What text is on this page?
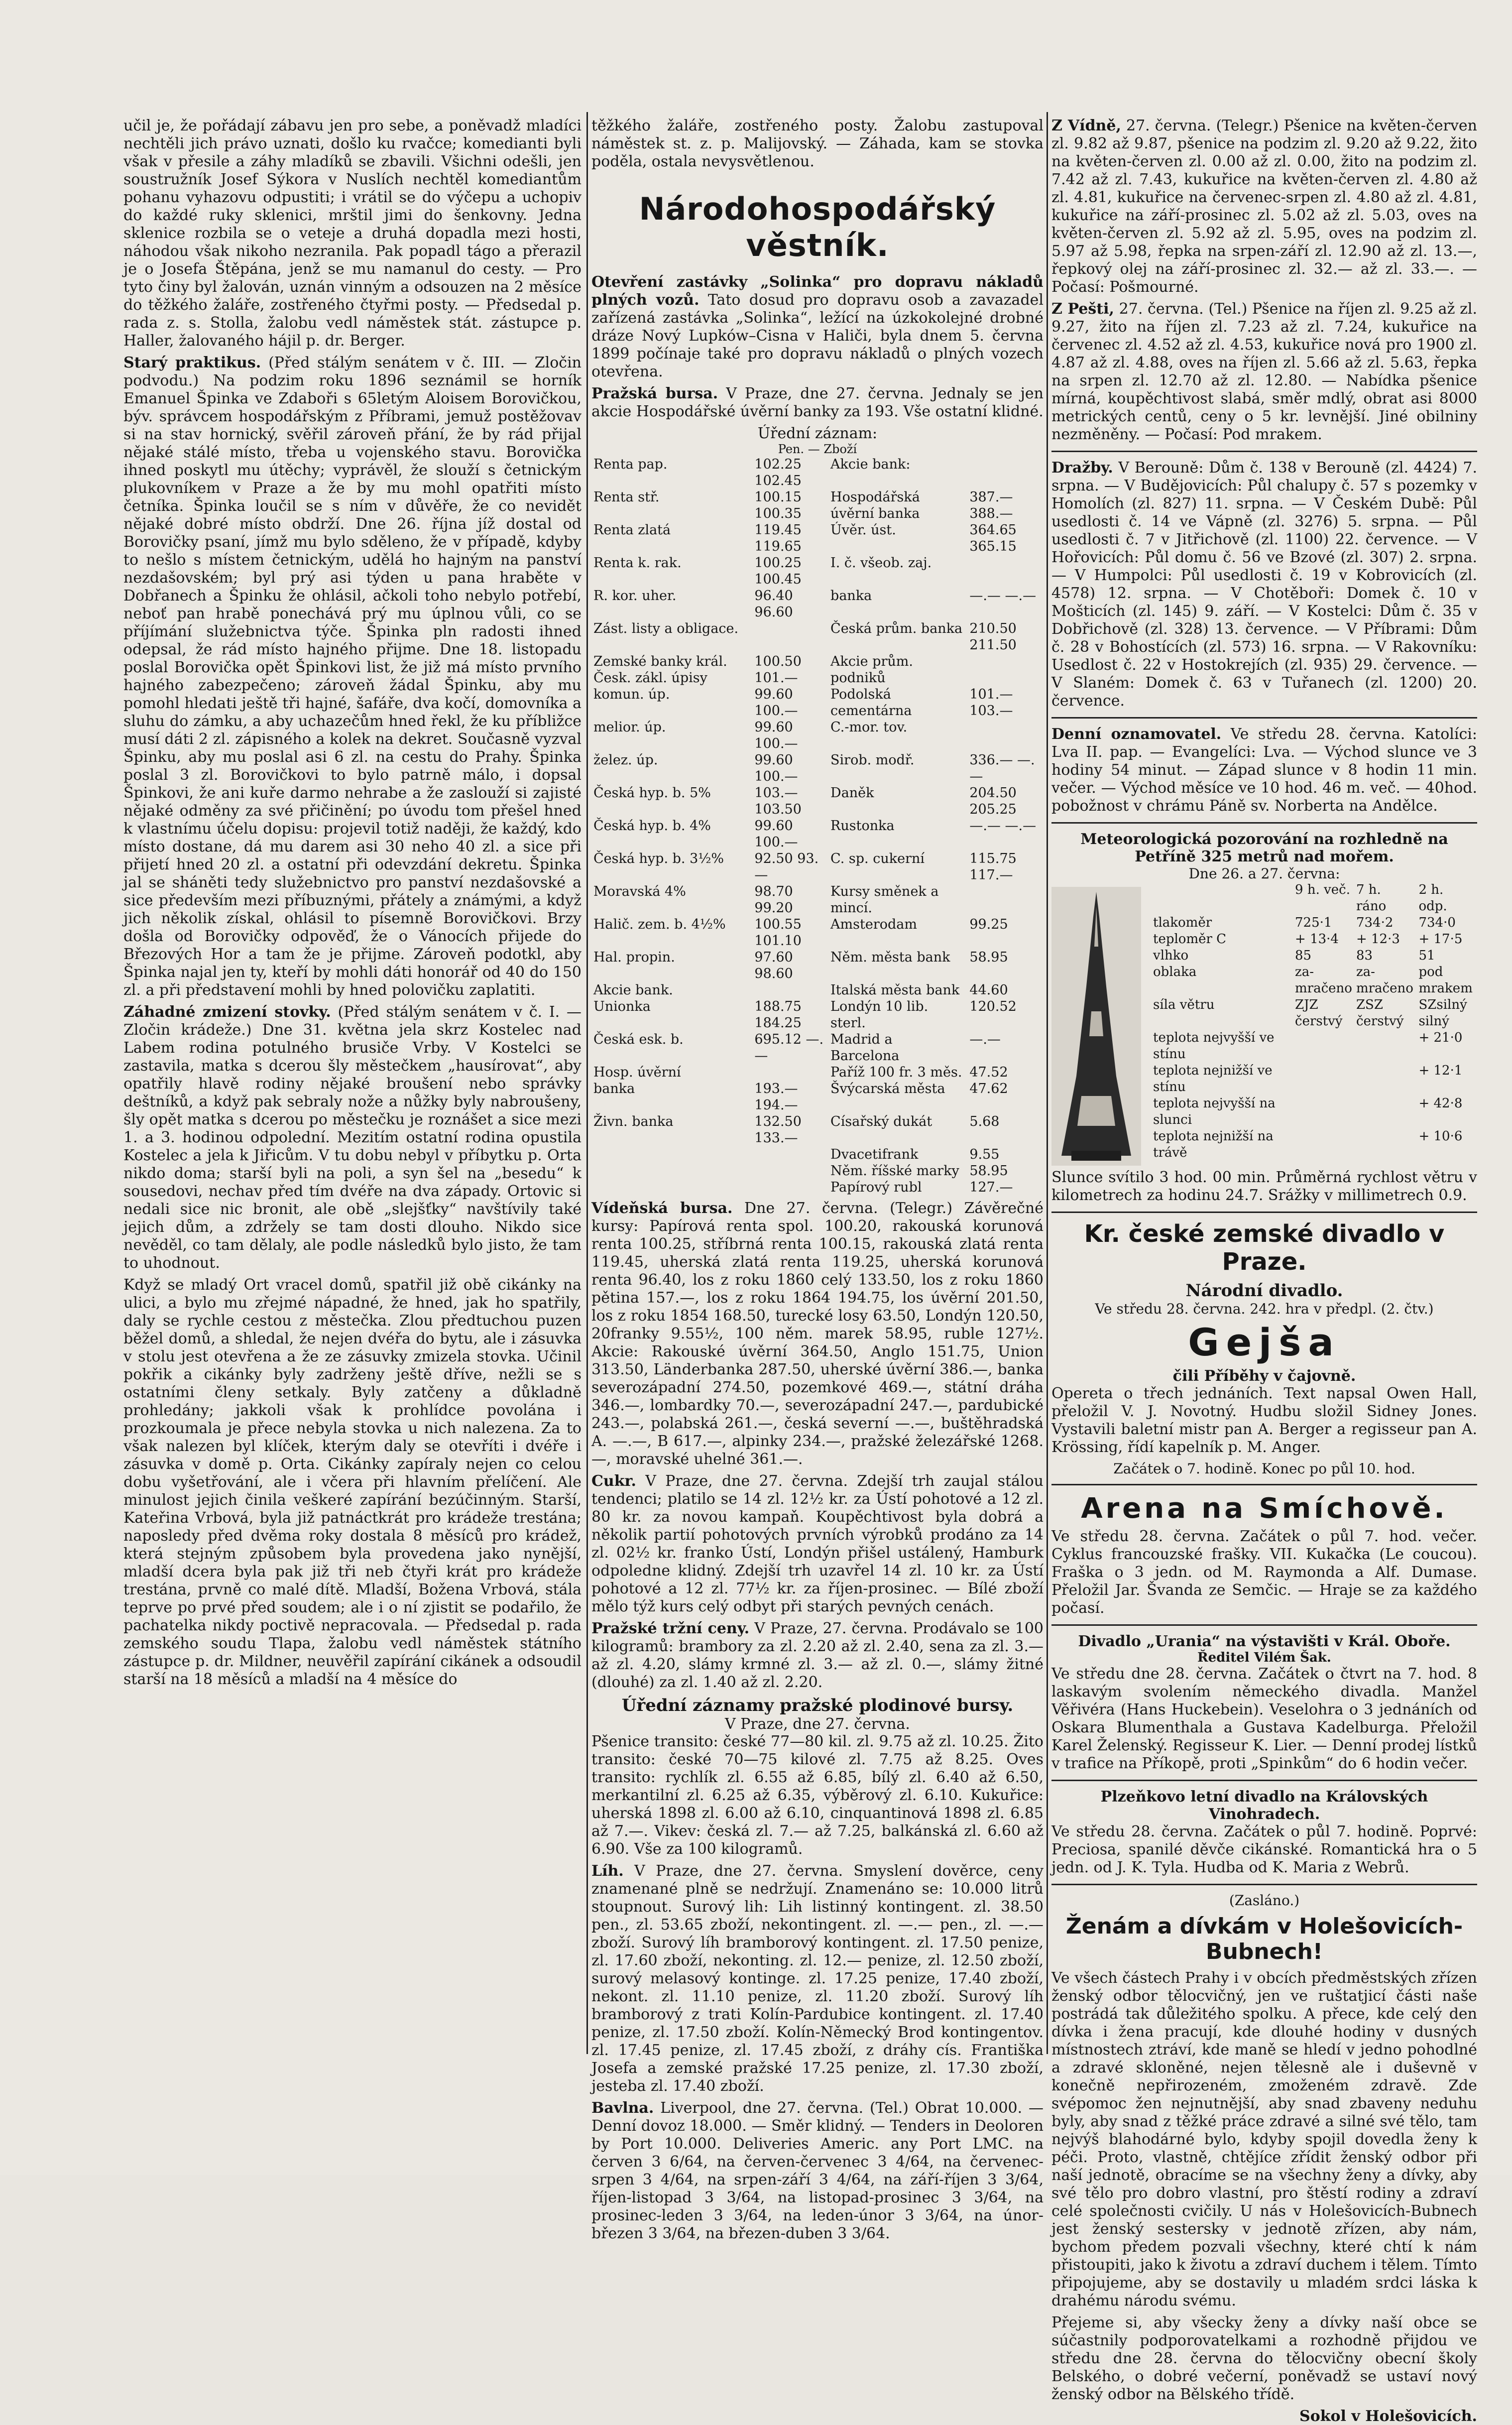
učil je, že pořádají zábavu jen pro sebe, a poněvadž mladíci nechtěli jich právo uznati, došlo ku rvačce; komedianti byli však v přesile a záhy mladíků se zbavili. Všichni odešli, jen soustružník Josef Sýkora v Nuslích nechtěl komediantům pohanu vyhazovu odpustiti; i vrátil se do výčepu a uchopiv do každé ruky sklenici, mrštil jimi do šenkovny. Jedna sklenice rozbila se o veteje a druhá dopadla mezi hosti, náhodou však nikoho nezranila. Pak popadl tágo a přerazil je o Josefa Štěpána, jenž se mu namanul do cesty. — Pro tyto činy byl žalován, uznán vinným a odsouzen na 2 měsíce do těžkého žaláře, zostřeného čtyřmi posty. — Předsedal p. rada z. s. Stolla, žalobu vedl náměstek stát. zástupce p. Haller, žalovaného hájil p. dr. Berger.

Starý praktikus. (Před stálým senátem v č. III. — Zločin podvodu.) Na podzim roku 1896 seznámil se horník Emanuel Špinka ve Zdaboři s 65letým Aloisem Borovičkou, býv. správcem hospodářským z Příbrami, jemuž postěžovav si na stav hornický, svěřil zároveň přání, že by rád přijal nějaké stálé místo, třeba u vojenského stavu. Borovička ihned poskytl mu útěchy; vyprávěl, že slouží s četnickým plukovníkem v Praze a že by mu mohl opatřiti místo četníka. Špinka loučil se s ním v důvěře, že co nevidět nějaké dobré místo obdrží. Dne 26. října jíž dostal od Borovičky psaní, jímž mu bylo sděleno, že v případě, kdyby to nešlo s místem četnickým, udělá ho hajným na panství nezdašovském; byl prý asi týden u pana hraběte v Dobřanech a Špinku že ohlásil, ačkoli toho nebylo potřebí, neboť pan hrabě ponechává prý mu úplnou vůli, co se příjímání služebnictva týče. Špinka pln radosti ihned odepsal, že rád místo hajného přijme. Dne 18. listopadu poslal Borovička opět Špinkovi list, že již má místo prvního hajného zabezpečeno; zároveň žádal Špinku, aby mu pomohl hledati ještě tři hajné, šafáře, dva kočí, domovníka a sluhu do zámku, a aby uchazečům hned řekl, že ku příbližce musí dáti 2 zl. zápisného a kolek na dekret. Současně vyzval Špinku, aby mu poslal asi 6 zl. na cestu do Prahy. Špinka poslal 3 zl. Borovičkovi to bylo patrně málo, i dopsal Špinkovi, že ani kuře darmo nehrabe a že zaslouží si zajisté nějaké odměny za své přičinění; po úvodu tom přešel hned k vlastnímu účelu dopisu: projevil totiž naději, že každý, kdo místo dostane, dá mu darem asi 30 neho 40 zl. a sice při přijetí hned 20 zl. a ostatní při odevzdání dekretu. Špinka jal se sháněti tedy služebnictvo pro panství nezdašovské a sice především mezi příbuznými, přátely a známými, a když jich několik získal, ohlásil to písemně Borovičkovi. Brzy došla od Borovičky odpověď, že o Vánocích přijede do Březových Hor a tam že je přijme. Zároveň podotkl, aby Špinka najal jen ty, kteří by mohli dáti honorář od 40 do 150 zl. a při představení mohli by hned polovičku zaplatiti.

Záhadné zmizení stovky. (Před stálým senátem v č. I. — Zločin krádeže.) Dne 31. května jela skrz Kostelec nad Labem rodina potulného brusiče Vrby. V Kostelci se zastavila, matka s dcerou šly městečkem „hausírovat“, aby opatřily hlavě rodiny nějaké broušení nebo správky deštníků, a když pak sebraly nože a nůžky byly nabroušeny, šly opět matka s dcerou po městečku je roznášet a sice mezi 1. a 3. hodinou odpolední. Mezitím ostatní rodina opustila Kostelec a jela k Jiřicům. V tu dobu nebyl v příbytku p. Orta nikdo doma; starší byli na poli, a syn šel na „besedu“ k sousedovi, nechav před tím dvéře na dva západy. Ortovic si nedali sice nic bronit, ale obě „slejšťky“ navštívily také jejich dům, a zdržely se tam dosti dlouho. Nikdo sice nevěděl, co tam dělaly, ale podle následků bylo jisto, že tam to uhodnout.

Když se mladý Ort vracel domů, spatřil již obě cikánky na ulici, a bylo mu zřejmé nápadné, že hned, jak ho spatřily, daly se rychle cestou z městečka. Zlou předtuchou puzen běžel domů, a shledal, že nejen dvéřa do bytu, ale i zásuvka v stolu jest otevřena a že ze zásuvky zmizela stovka. Učinil pokřik a cikánky byly zadrženy ještě dříve, nežli se s ostatními členy setkaly. Byly zatčeny a důkladně prohledány; jakkoli však k prohlídce povolána i prozkoumala je přece nebyla stovka u nich nalezena. Za to však nalezen byl klíček, kterým daly se otevříti i dvéře i zásuvka v domě p. Orta. Cikánky zapíraly nejen co celou dobu vyšetřování, ale i včera při hlavním přelíčení. Ale minulost jejich činila veškeré zapírání bezúčinným. Starší, Kateřina Vrbová, byla již patnáctkrát pro krádeže trestána; naposledy před dvěma roky dostala 8 měsíců pro krádež, která stejným způsobem byla provedena jako nynější, mladší dcera byla pak již tři neb čtyři krát pro krádeže trestána, prvně co malé dítě. Mladší, Božena Vrbová, stála teprve po prvé před soudem; ale i o ní zjistit se podařilo, že pachatelka nikdy poctivě nepracovala. — Předsedal p. rada zemského soudu Tlapa, žalobu vedl náměstek státního zástupce p. dr. Mildner, neuvěřil zapírání cikánek a odsoudil starší na 18 měsíců a mladší na 4 měsíce do

těžkého žaláře, zostřeného posty. Žalobu zastupoval náměstek st. z. p. Malijovský. — Záhada, kam se stovka poděla, ostala nevysvětlenou.

Národohospodářský věstník.

Otevření zastávky „Solinka“ pro dopravu nákladů plných vozů. Tato dosud pro dopravu osob a zavazadel zařízená zastávka „Solinka“, ležící na úzkokolejné drobné dráze Nový Lupków–Cisna v Haliči, byla dnem 5. června 1899 počínaje také pro dopravu nákladů o plných vozech otevřena.

Pražská bursa. V Praze, dne 27. června. Jednaly se jen akcie Hospodářské úvěrní banky za 193. Vše ostatní klidné.

Úřední záznam:
Pen. — Zboží
Renta pap.	102.25 102.45	Akcie bank:	
Renta stř.	100.15 100.35	Hospodářská úvěrní banka	387.— 388.—
Renta zlatá	119.45 119.65	Úvěr. úst.	364.65 365.15
Renta k. rak.	100.25 100.45	I. č. všeob. zaj.	
R. kor. uher.	96.40 96.60	banka	—.— —.—
Zást. listy a obligace.		Česká prům. banka	210.50 211.50
Zemské banky král. Česk. zákl. úpisy	100.50 101.—	Akcie prům. podniků	
komun. úp.	99.60 100.—	Podolská cementárna	101.— 103.—
melior. úp.	99.60 100.—	C.-mor. tov.	
želez. úp.	99.60 100.—	Sirob. modř.	336.— —.—
Česká hyp. b. 5%	103.— 103.50	Daněk	204.50 205.25
Česká hyp. b. 4%	99.60 100.—	Rustonka	—.— —.—
Česká hyp. b. 3½%	92.50 93.—	C. sp. cukerní	115.75 117.—
Moravská 4%	98.70 99.20	Kursy směnek a mincí.	
Halič. zem. b. 4½%	100.55 101.10	Amsterodam	99.25
Hal. propin.	97.60 98.60	Něm. města bank	58.95
Akcie bank.		Italská města bank	44.60
Unionka	188.75 184.25	Londýn 10 lib. sterl.	120.52
Česká esk. b.	695.12 —.—	Madrid a Barcelona	—.—
Hosp. úvěrní		Paříž 100 fr. 3 měs.	47.52
banka	193.— 194.—	Švýcarská města	47.62
Živn. banka	132.50 133.—	Císařský dukát	5.68
		Dvacetifrank	9.55
		Něm. říšské marky	58.95
		Papírový rubl	127.—

Vídeňská bursa. Dne 27. června. (Telegr.) Závěrečné kursy: Papírová renta spol. 100.20, rakouská korunová renta 100.25, stříbrná renta 100.15, rakouská zlatá renta 119.45, uherská zlatá renta 119.25, uherská korunová renta 96.40, los z roku 1860 celý 133.50, los z roku 1860 pětina 157.—, los z roku 1864 194.75, los úvěrní 201.50, los z roku 1854 168.50, turecké losy 63.50, Londýn 120.50, 20franky 9.55½, 100 něm. marek 58.95, ruble 127½. Akcie: Rakouské úvěrní 364.50, Anglo 151.75, Union 313.50, Länderbanka 287.50, uherské úvěrní 386.—, banka severozápadní 274.50, pozemkové 469.—, státní dráha 346.—, lombardky 70.—, severozápadní 247.—, pardubické 243.—, polabská 261.—, česká severní —.—, buštěhradská A. —.—, B 617.—, alpinky 234.—, pražské železářské 1268.—, moravské uhelné 361.—.

Cukr. V Praze, dne 27. června. Zdejší trh zaujal stálou tendenci; platilo se 14 zl. 12½ kr. za Ústí pohotové a 12 zl. 80 kr. za novou kampaň. Koupěchtivost byla dobrá a několik partií pohotových prvních výrobků prodáno za 14 zl. 02½ kr. franko Ústí, Londýn přišel ustálený, Hamburk odpoledne klidný. Zdejší trh uzavřel 14 zl. 10 kr. za Ústí pohotové a 12 zl. 77½ kr. za říjen-prosinec. — Bílé zboží mělo týž kurs celý odbyt při starých pevných cenách.

Pražské tržní ceny. V Praze, 27. června. Prodávalo se 100 kilogramů: brambory za zl. 2.20 až zl. 2.40, sena za zl. 3.— až zl. 4.20, slámy krmné zl. 3.— až zl. 0.—, slámy žitné (dlouhé) za zl. 1.40 až zl. 2.20.

Úřední záznamy pražské plodinové bursy.
V Praze, dne 27. června.

Pšenice transito: české 77—80 kil. zl. 9.75 až zl. 10.25. Žito transito: české 70—75 kilové zl. 7.75 až 8.25. Oves transito: rychlík zl. 6.55 až 6.85, bílý zl. 6.40 až 6.50, merkantilní zl. 6.25 až 6.35, výběrový zl. 6.10. Kukuřice: uherská 1898 zl. 6.00 až 6.10, cinquantinová 1898 zl. 6.85 až 7.—. Vikev: česká zl. 7.— až 7.25, balkánská zl. 6.60 až 6.90. Vše za 100 kilogramů.

Líh. V Praze, dne 27. června. Smyslení dověrce, ceny znamenané plně se nedržují. Znamenáno se: 10.000 litrů stoupnout. Surový lih: Lih listinný kontingent. zl. 38.50 pen., zl. 53.65 zboží, nekontingent. zl. —.— pen., zl. —.— zboží. Surový líh bramborový kontingent. zl. 17.50 penize, zl. 17.60 zboží, nekonting. zl. 12.— penize, zl. 12.50 zboží, surový melasový kontinge. zl. 17.25 penize, 17.40 zboží, nekont. zl. 11.10 penize, zl. 11.20 zboží. Surový líh bramborový z trati Kolín-Pardubice kontingent. zl. 17.40 penize, zl. 17.50 zboží. Kolín-Německý Brod kontingentov. zl. 17.45 penize, zl. 17.45 zboží, z dráhy cís. Františka Josefa a zemské pražské 17.25 penize, zl. 17.30 zboží, jesteba zl. 17.40 zboží.

Bavlna. Liverpool, dne 27. června. (Tel.) Obrat 10.000. — Denní dovoz 18.000. — Směr klidný. — Tenders in Deoloren by Port 10.000. Deliveries Americ. any Port LMC. na červen 3 6/64, na červen-červenec 3 4/64, na červenec-srpen 3 4/64, na srpen-září 3 4/64, na září-říjen 3 3/64, říjen-listopad 3 3/64, na listopad-prosinec 3 3/64, na prosinec-leden 3 3/64, na leden-únor 3 3/64, na únor-březen 3 3/64, na březen-duben 3 3/64.

Z Vídně, 27. června. (Telegr.) Pšenice na květen-červen zl. 9.82 až 9.87, pšenice na podzim zl. 9.20 až 9.22, žito na květen-červen zl. 0.00 až zl. 0.00, žito na podzim zl. 7.42 až zl. 7.43, kukuřice na květen-červen zl. 4.80 až zl. 4.81, kukuřice na červenec-srpen zl. 4.80 až zl. 4.81, kukuřice na září-prosinec zl. 5.02 až zl. 5.03, oves na květen-červen zl. 5.92 až zl. 5.95, oves na podzim zl. 5.97 až 5.98, řepka na srpen-září zl. 12.90 až zl. 13.—, řepkový olej na září-prosinec zl. 32.— až zl. 33.—. — Počasí: Pošmourné.

Z Pešti, 27. června. (Tel.) Pšenice na říjen zl. 9.25 až zl. 9.27, žito na říjen zl. 7.23 až zl. 7.24, kukuřice na červenec zl. 4.52 až zl. 4.53, kukuřice nová pro 1900 zl. 4.87 až zl. 4.88, oves na říjen zl. 5.66 až zl. 5.63, řepka na srpen zl. 12.70 až zl. 12.80. — Nabídka pšenice mírná, koupěchtivost slabá, směr mdlý, obrat asi 8000 metrických centů, ceny o 5 kr. levnější. Jiné obilniny nezměněny. — Počasí: Pod mrakem.

Dražby. V Berouně: Dům č. 138 v Berouně (zl. 4424) 7. srpna. — V Budějovicích: Půl chalupy č. 57 s pozemky v Homolích (zl. 827) 11. srpna. — V Českém Dubě: Půl usedlosti č. 14 ve Vápně (zl. 3276) 5. srpna. — Půl usedlosti č. 7 v Jitřichově (zl. 1100) 22. července. — V Hořovicích: Půl domu č. 56 ve Bzové (zl. 307) 2. srpna. — V Humpolci: Půl usedlosti č. 19 v Kobrovicích (zl. 4578) 12. srpna. — V Chotěboři: Domek č. 10 v Mošticích (zl. 145) 9. září. — V Kostelci: Dům č. 35 v Dobřichově (zl. 328) 13. července. — V Příbrami: Dům č. 28 v Bohostících (zl. 573) 16. srpna. — V Rakovníku: Usedlost č. 22 v Hostokrejích (zl. 935) 29. července. — V Slaném: Domek č. 63 v Tuřanech (zl. 1200) 20. července.

Denní oznamovatel. Ve středu 28. června. Katolíci: Lva II. pap. — Evangelíci: Lva. — Východ slunce ve 3 hodiny 54 minut. — Západ slunce v 8 hodin 11 min. večer. — Východ měsíce ve 10 hod. 46 m. več. — 40hod. pobožnost v chrámu Páně sv. Norberta na Andělce.

Meteorologická pozorování na rozhledně na Petříně 325 metrů nad mořem.
Dne 26. a 27. června:
	9 h. več.	7 h. ráno	2 h. odp.
tlakoměr	725·1	734·2	734·0
teploměr C	+ 13·4	+ 12·3	+ 17·5
vlhko	85	83	51
oblaka	za-	za-	pod
	mračeno	mračeno	mrakem
síla větru	ZJZ	ZSZ	SZsilný
	čerstvý	čerstvý	silný
teplota nejvyšší ve stínu			+ 21·0
teplota nejnižší ve stínu			+ 12·1
teplota nejvyšší na slunci			+ 42·8
teplota nejnižší na trávě			+ 10·6

Slunce svítilo 3 hod. 00 min. Průměrná rychlost větru v kilometrech za hodinu 24.7. Srážky v millimetrech 0.9.

Kr. české zemské divadlo v Praze.
Národní divadlo.
Ve středu 28. června. 242. hra v předpl. (2. čtv.)
Gejša
čili Příběhy v čajovně.

Opereta o třech jednáních. Text napsal Owen Hall, přeložil V. J. Novotný. Hudbu složil Sidney Jones. Vystavili baletní mistr pan A. Berger a regisseur pan A. Krössing, řídí kapelník p. M. Anger.

Začátek o 7. hodině. Konec po půl 10. hod.
Arena na Smíchově.

Ve středu 28. června. Začátek o půl 7. hod. večer. Cyklus francouzské frašky. VII. Kukačka (Le coucou). Fraška o 3 jedn. od M. Raymonda a Alf. Dumase. Přeložil Jar. Švanda ze Semčic. — Hraje se za každého počasí.

Divadlo „Urania“ na výstavišti v Král. Oboře.
Ředitel Vilém Šak.

Ve středu dne 28. června. Začátek o čtvrt na 7. hod. 8 laskavým svolením německého divadla. Manžel Věřivéra (Hans Huckebein). Veselohra o 3 jednáních od Oskara Blumenthala a Gustava Kadelburga. Přeložil Karel Želenský. Regisseur K. Lier. — Denní prodej lístků v trafice na Příkopě, proti „Spinkům“ do 6 hodin večer.

Plzeňkovo letní divadlo na Královských Vinohradech.

Ve středu 28. června. Začátek o půl 7. hodině. Poprvé: Preciosa, spanilé děvče cikánské. Romantická hra o 5 jedn. od J. K. Tyla. Hudba od K. Maria z Webrů.

(Zasláno.)
Ženám a dívkám v Holešovicích-Bubnech!

Ve všech částech Prahy i v obcích předměstských zřízen ženský odbor tělocvičný, jen ve ruštatjicí části naše postrádá tak důležitého spolku. A přece, kde celý den dívka i žena pracují, kde dlouhé hodiny v dusných místnostech ztráví, kde maně se hledí v jedno pohodlné a zdravé skloněné, nejen tělesně ale i duševně v konečně nepřirozeném, zmoženém zdravě. Zde svépomoc žen nejnutnější, aby snad zbaveny neduhu byly, aby snad z těžké práce zdravé a silné své tělo, tam nejvýš blahodárné bylo, kdyby spojil dovedla ženy k péči. Proto, vlastně, chtějíce zřídit ženský odbor při naší jednotě, obracíme se na všechny ženy a dívky, aby své tělo pro dobro vlastní, pro štěstí rodiny a zdraví celé společnosti cvičily. U nás v Holešovicích-Bubnech jest ženský sestersky v jednotě zřízen, aby nám, bychom předem pozvali všechny, které chtí k nám přistoupiti, jako k životu a zdraví duchem i tělem. Tímto připojujeme, aby se dostavily u mladém srdci láska k drahému národu svému.

Přejeme si, aby všecky ženy a dívky naší obce se súčastnily podporovatelkami a rozhodně přijdou ve středu dne 28. června do tělocvičny obecní školy Belského, o dobré večerní, poněvadž se ustaví nový ženský odbor na Bělského třídě.

Sokol v Holešovicích.
